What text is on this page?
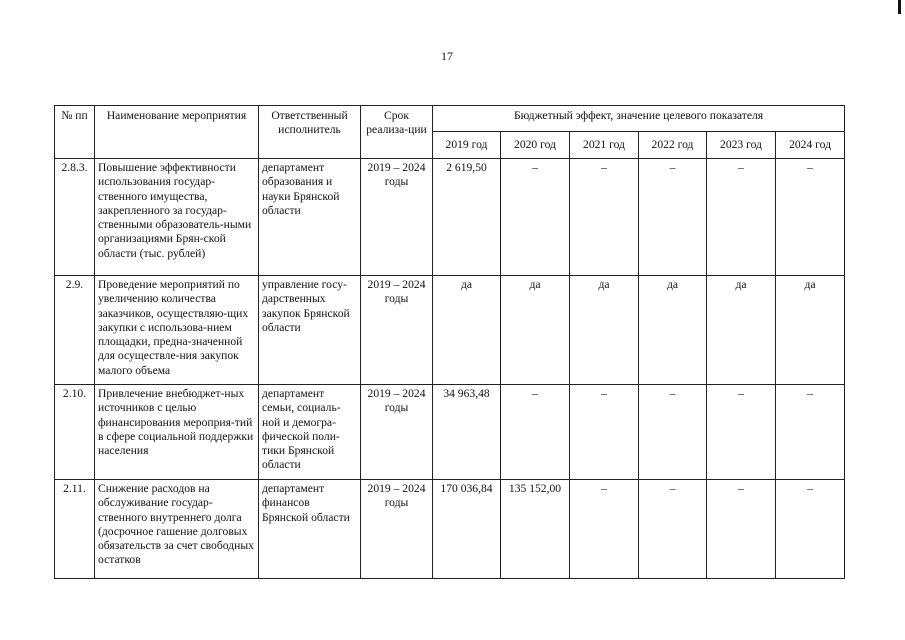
17
№ пп	Наименование мероприятия	Ответственный исполнитель	Срок реализа-ции	Бюджетный эффект, значение целевого показателя					
				2019 год	2020 год	2021 год	2022 год	2023 год	2024 год
2.8.3.	Повышение эффективности использования государ-ственного имущества, закрепленного за государ-ственными образователь-ными организациями Брян-ской области (тыс. рублей)	департамент образования и науки Брянской области	2019 – 2024 годы	2 619,50	–	–	–	–	–
2.9.	Проведение мероприятий по увеличению количества заказчиков, осуществляю-щих закупки с использова-нием площадки, предна-значенной для осуществле-ния закупок малого объема	управление госу-дарственных закупок Брянской области	2019 – 2024 годы	да	да	да	да	да	да
2.10.	Привлечение внебюджет-ных источников с целью финансирования мероприя-тий в сфере социальной поддержки населения	департамент семьи, социаль-ной и демогра-фической поли-тики Брянской области	2019 – 2024 годы	34 963,48	–	–	–	–	–
2.11.	Снижение расходов на обслуживание государ-ственного внутреннего долга (досрочное гашение долговых обязательств за счет свободных остатков	департамент финансов Брянской области	2019 – 2024 годы	170 036,84	135 152,00	–	–	–	–
